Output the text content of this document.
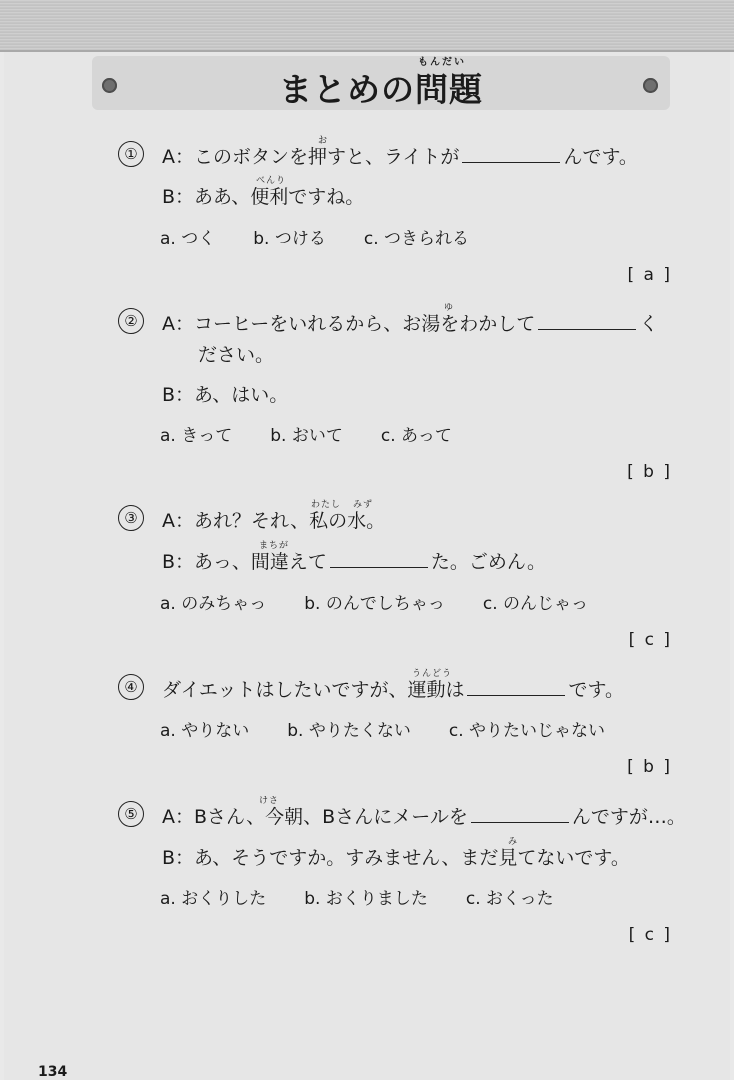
もんだい
まとめの問題
①
お
A：このボタンを押すと、ライトが	んです。
べんり
B：ああ、便利ですね。
a. つく b. つける c. つきられる
[ a ]
②
ゆ
A：コーヒーをいれるから、お湯をわかして	く
ださい。
B：あ、はい。
a. きって b. おいて c. あって
[ b ]
③
わたし みず
A：あれ？それ、私の水。
まちが
B：あっ、間違えて	た。ごめん。
a. のみちゃっ b. のんでしちゃっ c. のんじゃっ
[ c ]
④
うんどう
ダイエットはしたいですが、運動は	です。
a. やりない b. やりたくない c. やりたいじゃない
[ b ]
⑤
けさ
A：Bさん、今朝、Bさんにメールを	んですが…。
み
B：あ、そうですか。すみません、まだ見てないです。
a. おくりした b. おくりました c. おくった
[ c ]
134
